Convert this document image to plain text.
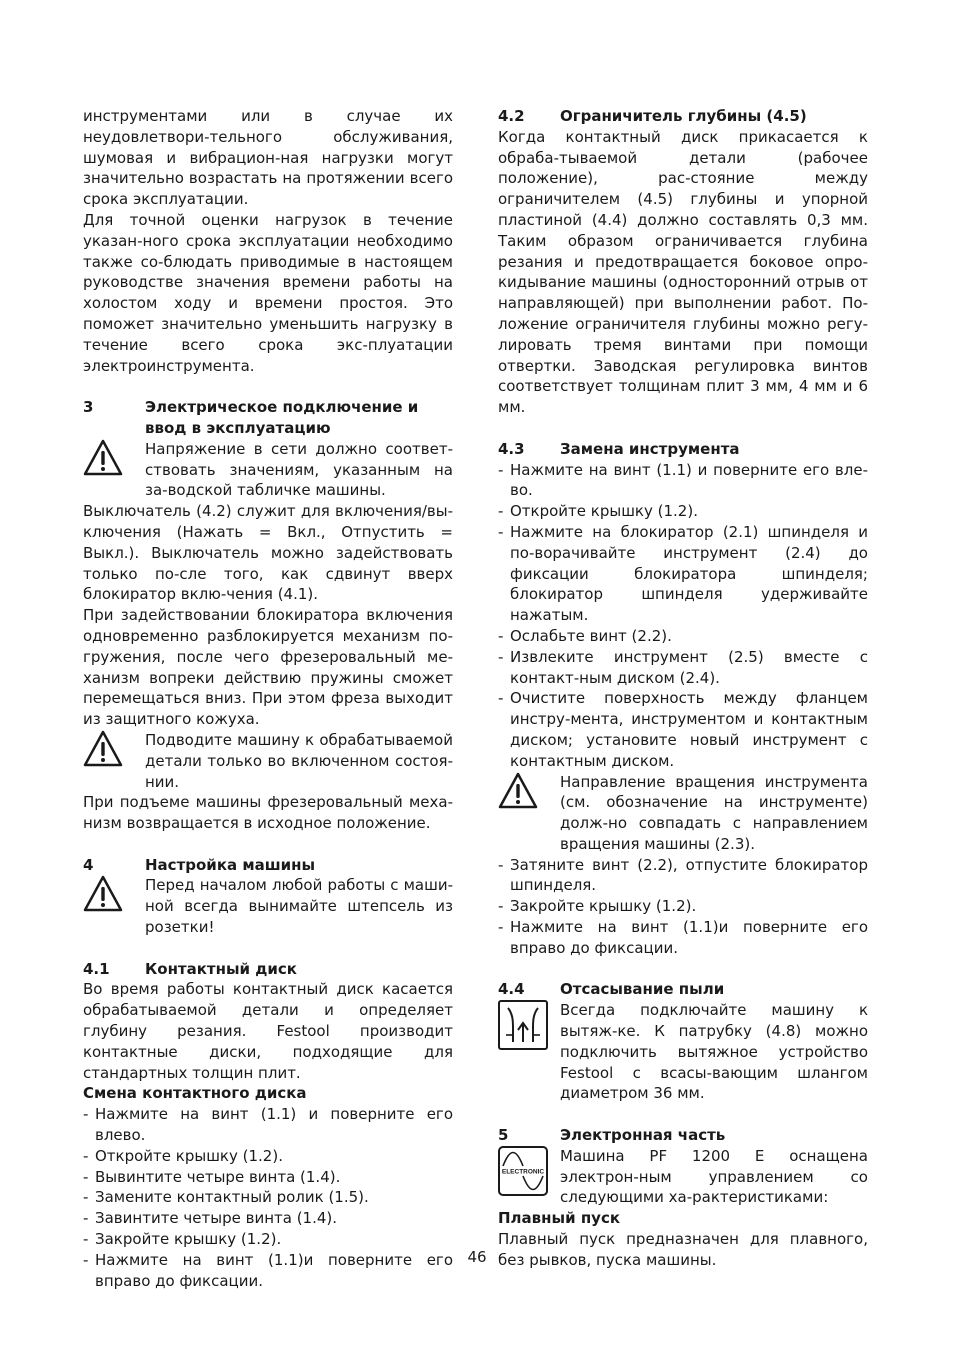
инструментами или в случае их неудовлетвори-тельного обслуживания, шумовая и вибрацион-ная нагрузки могут значительно возрастать на протяжении всего срока эксплуатации.

Для точной оценки нагрузок в течение указан-ного срока эксплуатации необходимо также со-блюдать приводимые в настоящем руководстве значения времени работы на холостом ходу и времени простоя. Это поможет значительно уменьшить нагрузку в течение всего срока экс-плуатации электроинструмента.

3	Электрическое подключение и ввод в эксплуатацию
Напряжение в сети должно соответ-ствовать значениям, указанным на за-водской табличке машины.

Выключатель (4.2) служит для включения/вы-ключения (Нажать = Вкл., Отпустить = Выкл.). Выключатель можно задействовать только по-сле того, как сдвинут вверх блокиратор вклю-чения (4.1).

При задействовании блокиратора включения одновременно разблокируется механизм по-гружения, после чего фрезеровальный ме-ханизм вопреки действию пружины сможет перемещаться вниз. При этом фреза выходит из защитного кожуха.

Подводите машину к обрабатываемой детали только во включенном состоя-нии.

При подъеме машины фрезеровальный меха-низм возвращается в исходное положение.

4	Настройка машины
Перед началом любой работы с маши-ной всегда вынимайте штепсель из розетки!
4.1	Контактный диск

Во время работы контактный диск касается обрабатываемой детали и определяет глубину резания. Festool производит контактные диски, подходящие для стандартных толщин плит.

Смена контактного диска

- Нажмите на винт (1.1) и поверните его влево.
- Откройте крышку (1.2).
- Вывинтите четыре винта (1.4).
- Замените контактный ролик (1.5).
- Завинтите четыре винта (1.4).
- Закройте крышку (1.2).
- Нажмите на винт (1.1)и поверните его вправо до фиксации.
4.2	Ограничитель глубины (4.5)

Когда контактный диск прикасается к обраба-тываемой детали (рабочее положение), рас-стояние между ограничителем (4.5) глубины и упорной пластиной (4.4) должно составлять 0,3 мм. Таким образом ограничивается глубина резания и предотвращается боковое опро-кидывание машины (односторонний отрыв от направляющей) при выполнении работ. По-ложение ограничителя глубины можно регу-лировать тремя винтами при помощи отвертки. Заводская регулировка винтов соответствует толщинам плит 3 мм, 4 мм и 6 мм.

4.3	Замена инструмента
- Нажмите на винт (1.1) и поверните его вле-во.
- Откройте крышку (1.2).
- Нажмите на блокиратор (2.1) шпинделя и по-ворачивайте инструмент (2.4) до фиксации блокиратора шпинделя; блокиратор шпинделя удерживайте нажатым.
- Ослабьте винт (2.2).
- Извлеките инструмент (2.5) вместе с контакт-ным диском (2.4).
- Очистите поверхность между фланцем инстру-мента, инструментом и контактным диском; установите новый инструмент с контактным диском.
Направление вращения инструмента (см. обозначение на инструменте) долж-но совпадать с направлением вращения машины (2.3).
- Затяните винт (2.2), отпустите блокиратор шпинделя.
- Закройте крышку (1.2).
- Нажмите на винт (1.1)и поверните его вправо до фиксации.
4.4	Отсасывание пыли
Всегда подключайте машину к вытяж-ке. К патрубку (4.8) можно подключить вытяжное устройство Festool с всасы-вающим шлангом диаметром 36 мм.
5	Электронная часть
ELECTRONIC
Машина PF 1200 E оснащена электрон-ным управлением со следующими ха-рактеристиками:

Плавный пуск

Плавный пуск предназначен для плавного, без рывков, пуска машины.

46
